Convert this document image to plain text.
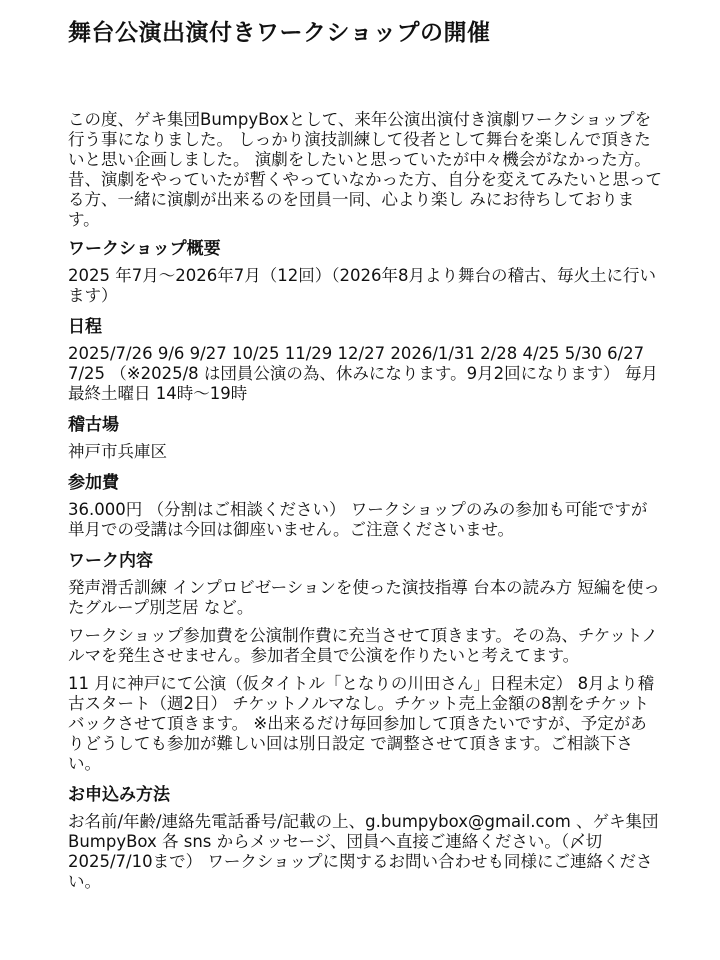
舞台公演出演付きワークショップの開催

この度、ゲキ集団BumpyBoxとして、来年公演出演付き演劇ワークショップを行う事になりました。 しっかり演技訓練して役者として舞台を楽しんで頂きたいと思い企画しました。 演劇をしたいと思っていたが中々機会がなかった方。昔、演劇をやっていたが暫くやっていなかった方、自分を変えてみたいと思ってる方、一緒に演劇が出来るのを団員一同、心より楽し みにお待ちしております。

ワークショップ概要

2025 年7月～2026年7月（12回）（2026年8月より舞台の稽古、毎火土に行います）

日程

2025/7/26 9/6 9/27 10/25 11/29 12/27 2026/1/31 2/28 4/25 5/30 6/27 7/25 （※2025/8 は団員公演の為、休みになります。9月2回になります） 毎月最終土曜日 14時～19時

稽古場

神戸市兵庫区

参加費

36.000円 （分割はご相談ください） ワークショップのみの参加も可能ですが単月での受講は今回は御座いません。ご注意くださいませ。

ワーク内容

発声滑舌訓練 インプロビゼーションを使った演技指導 台本の読み方 短編を使ったグループ別芝居 など。

ワークショップ参加費を公演制作費に充当させて頂きます。その為、チケットノルマを発生させません。参加者全員で公演を作りたいと考えてます。

11 月に神戸にて公演（仮タイトル「となりの川田さん」日程未定） 8月より稽古スタート（週2日） チケットノルマなし。チケット売上金額の8割をチケットバックさせて頂きます。 ※出来るだけ毎回参加して頂きたいですが、予定がありどうしても参加が難しい回は別日設定 で調整させて頂きます。ご相談下さい。

お申込み方法

お名前/年齢/連絡先電話番号/記載の上、g.bumpybox@gmail.com 、ゲキ集団BumpyBox 各 sns からメッセージ、団員へ直接ご連絡ください。（〆切2025/7/10まで） ワークショップに関するお問い合わせも同様にご連絡ください。
